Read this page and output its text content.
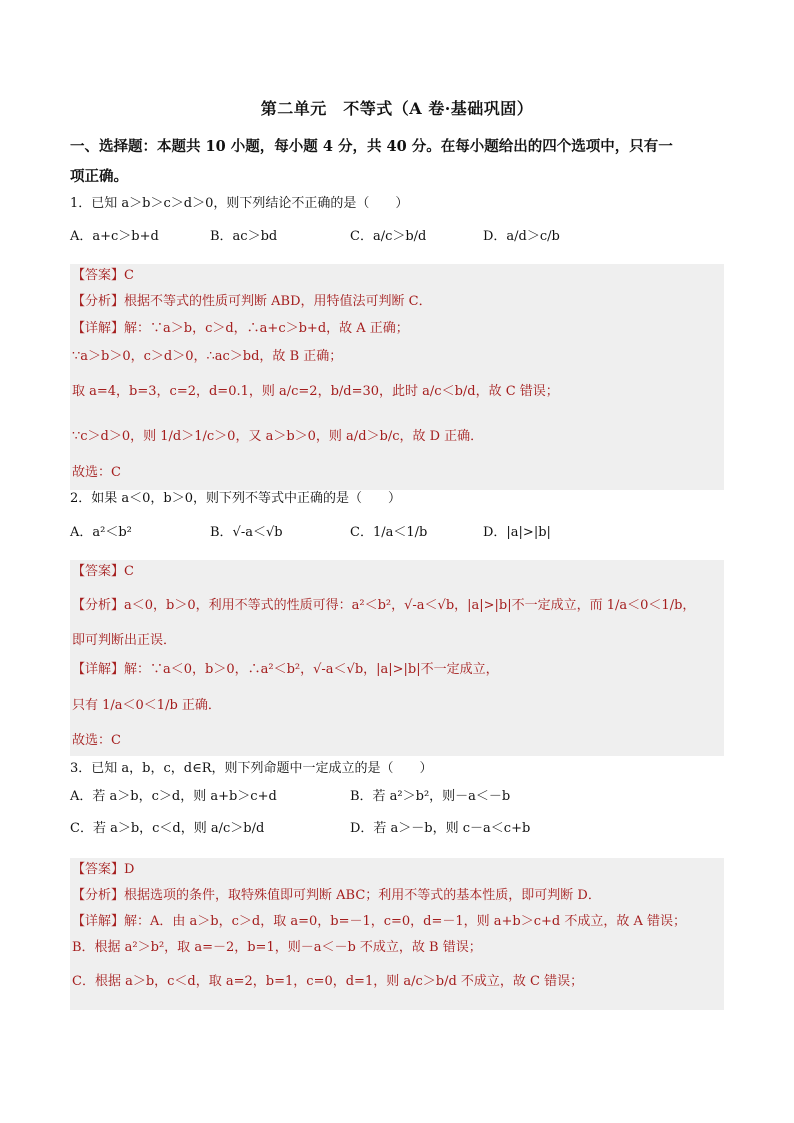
第二单元　不等式（A 卷·基础巩固）
一、选择题：本题共 10 小题，每小题 4 分，共 40 分。在每小题给出的四个选项中，只有一
项正确。
1．已知 a＞b＞c＞d＞0，则下列结论不正确的是（　　）
A．a+c＞b+d	B．ac＞bd	C．a/c＞b/d	D．a/d＞c/b
【答案】C
【分析】根据不等式的性质可判断 ABD，用特值法可判断 C．
【详解】解：∵a＞b，c＞d，∴a+c＞b+d，故 A 正确；
∵a＞b＞0，c＞d＞0，∴ac＞bd，故 B 正确；
取 a=4，b=3，c=2，d=0.1，则 a/c=2，b/d=30，此时 a/c＜b/d，故 C 错误；
∵c＞d＞0，则 1/d＞1/c＞0，又 a＞b＞0，则 a/d＞b/c，故 D 正确．
故选：C
2．如果 a＜0，b＞0，则下列不等式中正确的是（　　）
A．a²＜b²	B．√-a＜√b	C．1/a＜1/b	D．|a|>|b|
【答案】C
【分析】a＜0，b＞0，利用不等式的性质可得：a²＜b²，√-a＜√b，|a|>|b|不一定成立，而 1/a＜0＜1/b，
即可判断出正误．
【详解】解：∵a＜0，b＞0，∴a²＜b²，√-a＜√b，|a|>|b|不一定成立，
只有 1/a＜0＜1/b 正确．
故选：C
3．已知 a，b，c，d∈R，则下列命题中一定成立的是（　　）
A．若 a＞b，c＞d，则 a+b＞c+d	B．若 a²＞b²，则－a＜－b
C．若 a＞b，c＜d，则 a/c＞b/d	D．若 a＞－b，则 c－a＜c+b
【答案】D
【分析】根据选项的条件，取特殊值即可判断 ABC；利用不等式的基本性质，即可判断 D．
【详解】解：A．由 a＞b，c＞d，取 a=0，b=－1，c=0，d=－1，则 a+b＞c+d 不成立，故 A 错误；
B．根据 a²＞b²，取 a=－2，b=1，则－a＜－b 不成立，故 B 错误；
C．根据 a＞b，c＜d，取 a=2，b=1，c=0，d=1，则 a/c＞b/d 不成立，故 C 错误；
